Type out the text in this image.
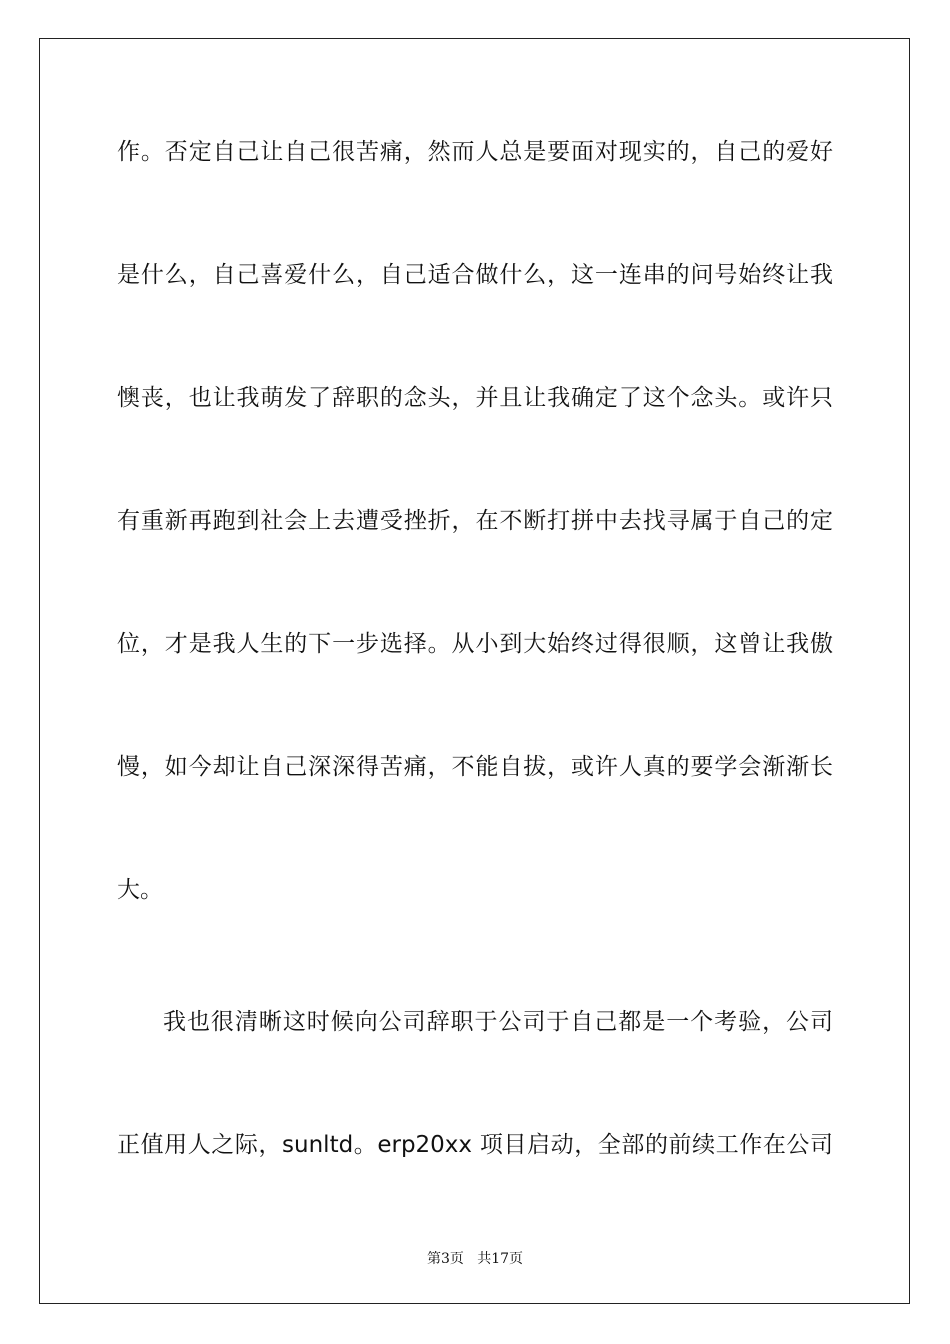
作。否定自己让自己很苦痛，然而人总是要面对现实的，自己的爱好
是什么，自己喜爱什么，自己适合做什么，这一连串的问号始终让我
懊丧，也让我萌发了辞职的念头，并且让我确定了这个念头。或许只
有重新再跑到社会上去遭受挫折，在不断打拼中去找寻属于自己的定
位，才是我人生的下一步选择。从小到大始终过得很顺，这曾让我傲
慢，如今却让自己深深得苦痛，不能自拔，或许人真的要学会渐渐长
大。
我也很清晰这时候向公司辞职于公司于自己都是一个考验，公司
正值用人之际，sunltd。erp20xx 项目启动，全部的前续工作在公司
第3页   共17页
